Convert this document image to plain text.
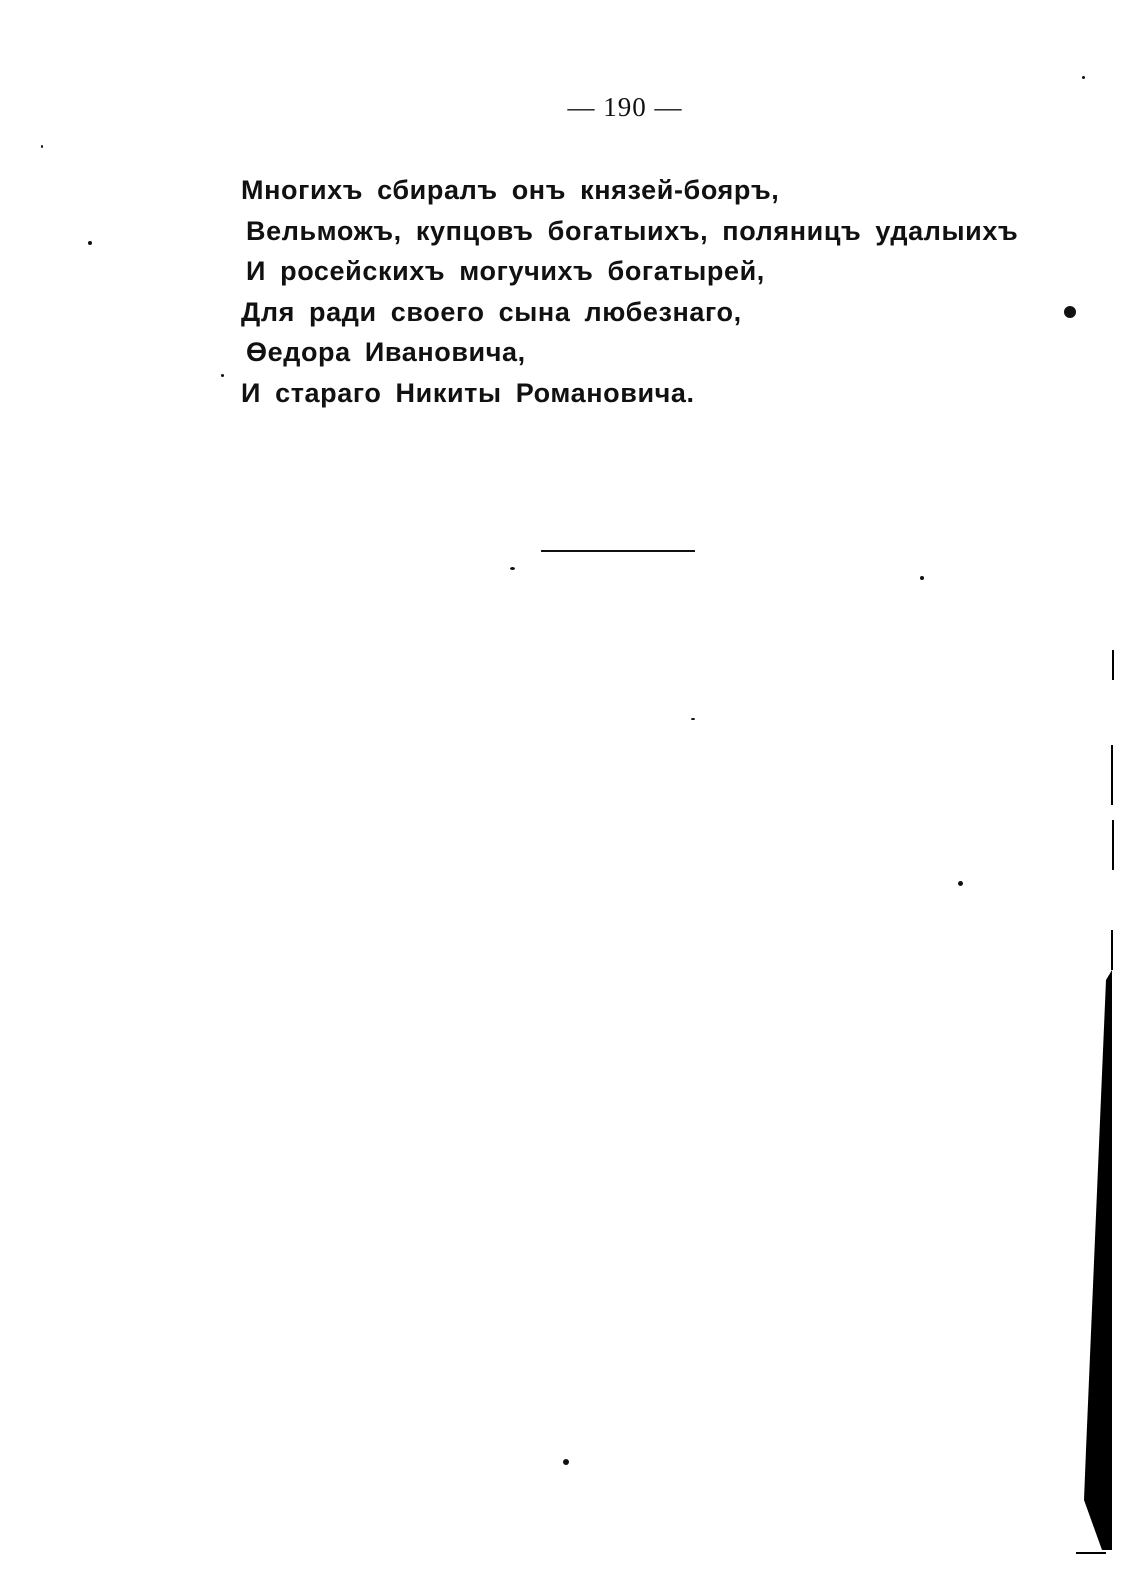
— 190 —
Многихъ сбиралъ онъ князей-бояръ,
Вельможъ, купцовъ богатыихъ, поляницъ удалыихъ
И росейскихъ могучихъ богатырей,
Для ради своего сына любезнаго,
Өедора Ивановича,
И стараго Никиты Романовича.
